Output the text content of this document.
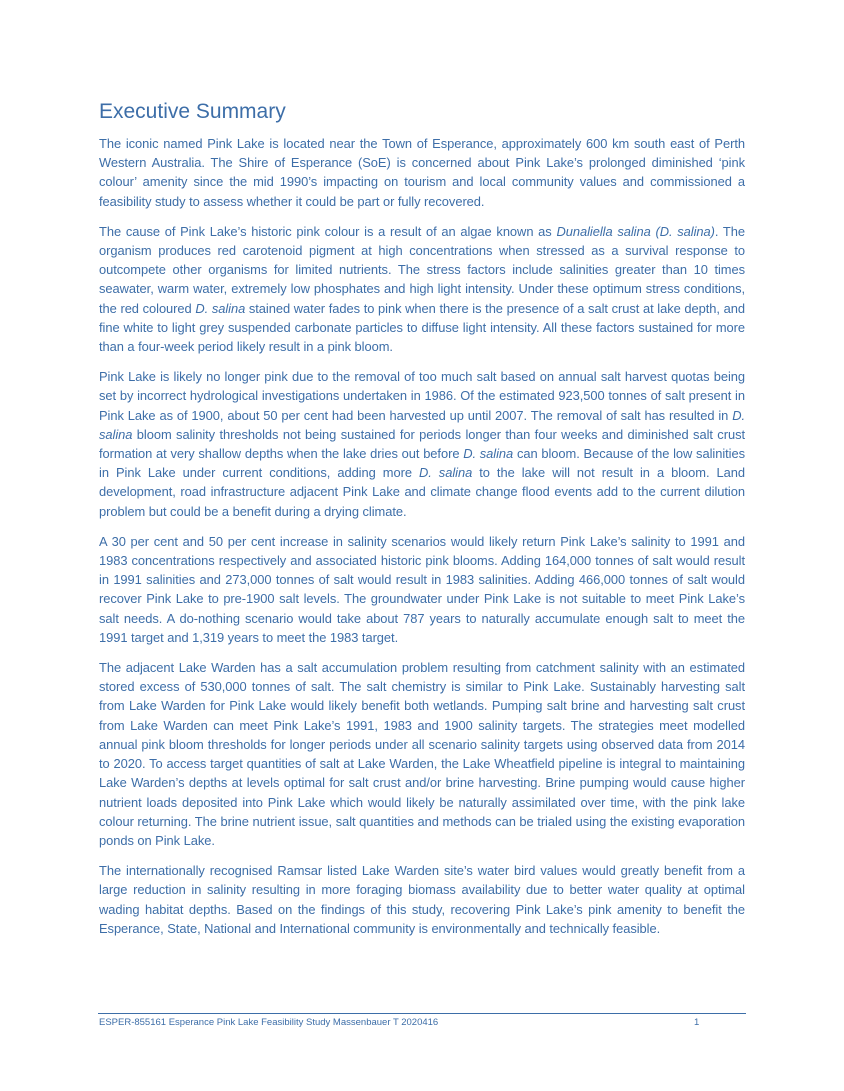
Executive Summary

The iconic named Pink Lake is located near the Town of Esperance, approximately 600 km south east of Perth Western Australia. The Shire of Esperance (SoE) is concerned about Pink Lake’s prolonged diminished ‘pink colour’ amenity since the mid 1990’s impacting on tourism and local community values and commissioned a feasibility study to assess whether it could be part or fully recovered.

The cause of Pink Lake’s historic pink colour is a result of an algae known as Dunaliella salina (D. salina). The organism produces red carotenoid pigment at high concentrations when stressed as a survival response to outcompete other organisms for limited nutrients. The stress factors include salinities greater than 10 times seawater, warm water, extremely low phosphates and high light intensity. Under these optimum stress conditions, the red coloured D. salina stained water fades to pink when there is the presence of a salt crust at lake depth, and fine white to light grey suspended carbonate particles to diffuse light intensity. All these factors sustained for more than a four-week period likely result in a pink bloom.

Pink Lake is likely no longer pink due to the removal of too much salt based on annual salt harvest quotas being set by incorrect hydrological investigations undertaken in 1986. Of the estimated 923,500 tonnes of salt present in Pink Lake as of 1900, about 50 per cent had been harvested up until 2007. The removal of salt has resulted in D. salina bloom salinity thresholds not being sustained for periods longer than four weeks and diminished salt crust formation at very shallow depths when the lake dries out before D. salina can bloom. Because of the low salinities in Pink Lake under current conditions, adding more D. salina to the lake will not result in a bloom. Land development, road infrastructure adjacent Pink Lake and climate change flood events add to the current dilution problem but could be a benefit during a drying climate.

A 30 per cent and 50 per cent increase in salinity scenarios would likely return Pink Lake’s salinity to 1991 and 1983 concentrations respectively and associated historic pink blooms. Adding 164,000 tonnes of salt would result in 1991 salinities and 273,000 tonnes of salt would result in 1983 salinities. Adding 466,000 tonnes of salt would recover Pink Lake to pre-1900 salt levels. The groundwater under Pink Lake is not suitable to meet Pink Lake’s salt needs. A do-nothing scenario would take about 787 years to naturally accumulate enough salt to meet the 1991 target and 1,319 years to meet the 1983 target.

The adjacent Lake Warden has a salt accumulation problem resulting from catchment salinity with an estimated stored excess of 530,000 tonnes of salt. The salt chemistry is similar to Pink Lake. Sustainably harvesting salt from Lake Warden for Pink Lake would likely benefit both wetlands. Pumping salt brine and harvesting salt crust from Lake Warden can meet Pink Lake’s 1991, 1983 and 1900 salinity targets. The strategies meet modelled annual pink bloom thresholds for longer periods under all scenario salinity targets using observed data from 2014 to 2020. To access target quantities of salt at Lake Warden, the Lake Wheatfield pipeline is integral to maintaining Lake Warden’s depths at levels optimal for salt crust and/or brine harvesting. Brine pumping would cause higher nutrient loads deposited into Pink Lake which would likely be naturally assimilated over time, with the pink lake colour returning. The brine nutrient issue, salt quantities and methods can be trialed using the existing evaporation ponds on Pink Lake.

The internationally recognised Ramsar listed Lake Warden site’s water bird values would greatly benefit from a large reduction in salinity resulting in more foraging biomass availability due to better water quality at optimal wading habitat depths. Based on the findings of this study, recovering Pink Lake’s pink amenity to benefit the Esperance, State, National and International community is environmentally and technically feasible.

ESPER-855161 Esperance Pink Lake Feasibility Study Massenbauer T 2020416	1
